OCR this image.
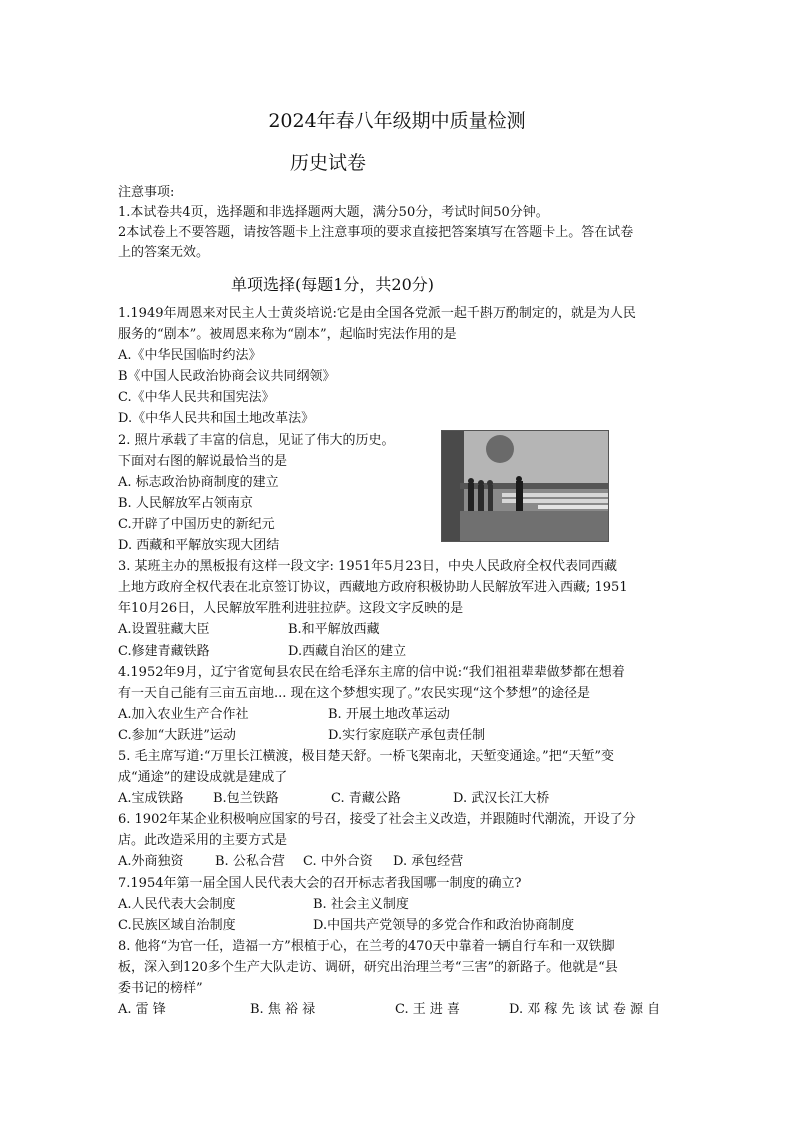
2024年春八年级期中质量检测
历史试卷
注意事项:
1.本试卷共4页，选择题和非选择题两大题，满分50分，考试时间50分钟。
2本试卷上不要答题，请按答题卡上注意事项的要求直接把答案填写在答题卡上。答在试卷
上的答案无效。
单项选择(每题1分，共20分)
1.1949年周恩来对民主人士黄炎培说:它是由全国各党派一起千斟万酌制定的，就是为人民
服务的“剧本”。被周恩来称为“剧本”，起临时宪法作用的是
A.《中华民国临时约法》
B《中国人民政治协商会议共同纲领》
C.《中华人民共和国宪法》
D.《中华人民共和国土地改革法》
2. 照片承载了丰富的信息，见证了伟大的历史。
下面对右图的解说最恰当的是
A. 标志政治协商制度的建立
B. 人民解放军占领南京
C.开辟了中国历史的新纪元
D. 西藏和平解放实现大团结
3. 某班主办的黑板报有这样一段文字: 1951年5月23日，中央人民政府全权代表同西藏
上地方政府全权代表在北京签订协议，西藏地方政府积极协助人民解放军进入西藏; 1951
年10月26日，人民解放军胜利进驻拉萨。这段文字反映的是
A.设置驻藏大臣	B.和平解放西藏
C.修建青藏铁路	D.西藏自治区的建立
4.1952年9月，辽宁省宽甸县农民在给毛泽东主席的信中说:“我们祖祖辈辈做梦都在想着
有一天自己能有三亩五亩地... 现在这个梦想实现了。”农民实现“这个梦想”的途径是
A.加入农业生产合作社	B. 开展土地改革运动
C.参加“大跃进”运动	D.实行家庭联产承包责任制
5. 毛主席写道:“万里长江横渡，极目楚天舒。一桥飞架南北，天堑变通途。”把“天堑”变
成“通途”的建设成就是建成了
A.宝成铁路	B.包兰铁路	C. 青藏公路	D. 武汉长江大桥
6. 1902年某企业积极响应国家的号召，接受了社会主义改造，并跟随时代潮流，开设了分
店。此改造采用的主要方式是
A.外商独资	B. 公私合营	C. 中外合资	D. 承包经营
7.1954年第一届全国人民代表大会的召开标志者我国哪一制度的确立?
A.人民代表大会制度	B. 社会主义制度
C.民族区域自治制度	D.中国共产党领导的多党合作和政治协商制度
8. 他将“为官一任，造福一方”根植于心，在兰考的470天中靠着一辆自行车和一双铁脚
板，深入到120多个生产大队走访、调研，研究出治理兰考“三害”的新路子。他就是“县
委书记的榜样”
A. 雷 锋	B. 焦 裕 禄	C. 王 进 喜	D. 邓 稼 先 该 试 卷 源 自
